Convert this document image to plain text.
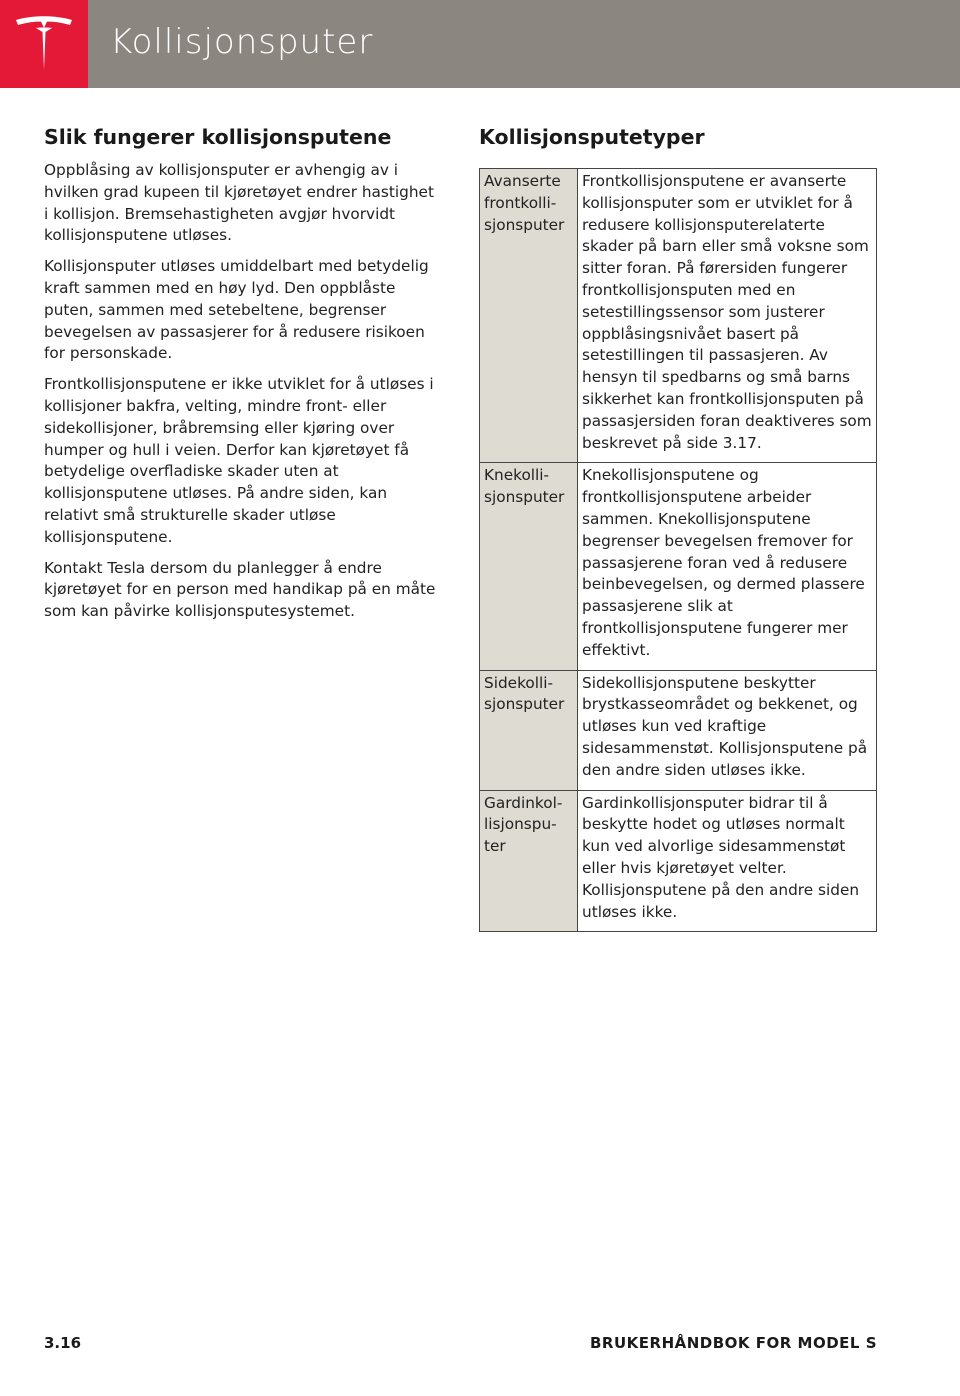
Kollisjonsputer
Slik fungerer kollisjonsputene

Oppblåsing av kollisjonsputer er avhengig av i hvilken grad kupeen til kjøretøyet endrer hastighet i kollisjon. Bremsehastigheten avgjør hvorvidt kollisjonsputene utløses.

Kollisjonsputer utløses umiddelbart med betydelig kraft sammen med en høy lyd. Den oppblåste puten, sammen med setebeltene, begrenser bevegelsen av passasjerer for å redusere risikoen for personskade.

Frontkollisjonsputene er ikke utviklet for å utløses i kollisjoner bakfra, velting, mindre front- eller sidekollisjoner, bråbremsing eller kjøring over humper og hull i veien. Derfor kan kjøretøyet få betydelige overfladiske skader uten at kollisjonsputene utløses. På andre siden, kan relativt små strukturelle skader utløse kollisjonsputene.

Kontakt Tesla dersom du planlegger å endre kjøretøyet for en person med handikap på en måte som kan påvirke kollisjonsputesystemet.

Kollisjonsputetyper
Avanserte frontkolli-sjonsputer	Frontkollisjonsputene er avanserte kollisjonsputer som er utviklet for å redusere kollisjonsputerelaterte skader på barn eller små voksne som sitter foran. På førersiden fungerer frontkollisjonsputen med en setestillingssensor som justerer oppblåsingsnivået basert på setestillingen til passasjeren. Av hensyn til spedbarns og små barns sikkerhet kan frontkollisjonsputen på passasjersiden foran deaktiveres som beskrevet på side 3.17.
Knekolli-sjonsputer	Knekollisjonsputene og frontkollisjonsputene arbeider sammen. Knekollisjonsputene begrenser bevegelsen fremover for passasjerene foran ved å redusere beinbevegelsen, og dermed plassere passasjerene slik at frontkollisjonsputene fungerer mer effektivt.
Sidekolli-sjonsputer	Sidekollisjonsputene beskytter brystkasseområdet og bekkenet, og utløses kun ved kraftige sidesammenstøt. Kollisjonsputene på den andre siden utløses ikke.
Gardinkol-lisjonspu-ter	Gardinkollisjonsputer bidrar til å beskytte hodet og utløses normalt kun ved alvorlige sidesammenstøt eller hvis kjøretøyet velter. Kollisjonsputene på den andre siden utløses ikke.
3.16	BRUKERHÅNDBOK FOR MODEL S
